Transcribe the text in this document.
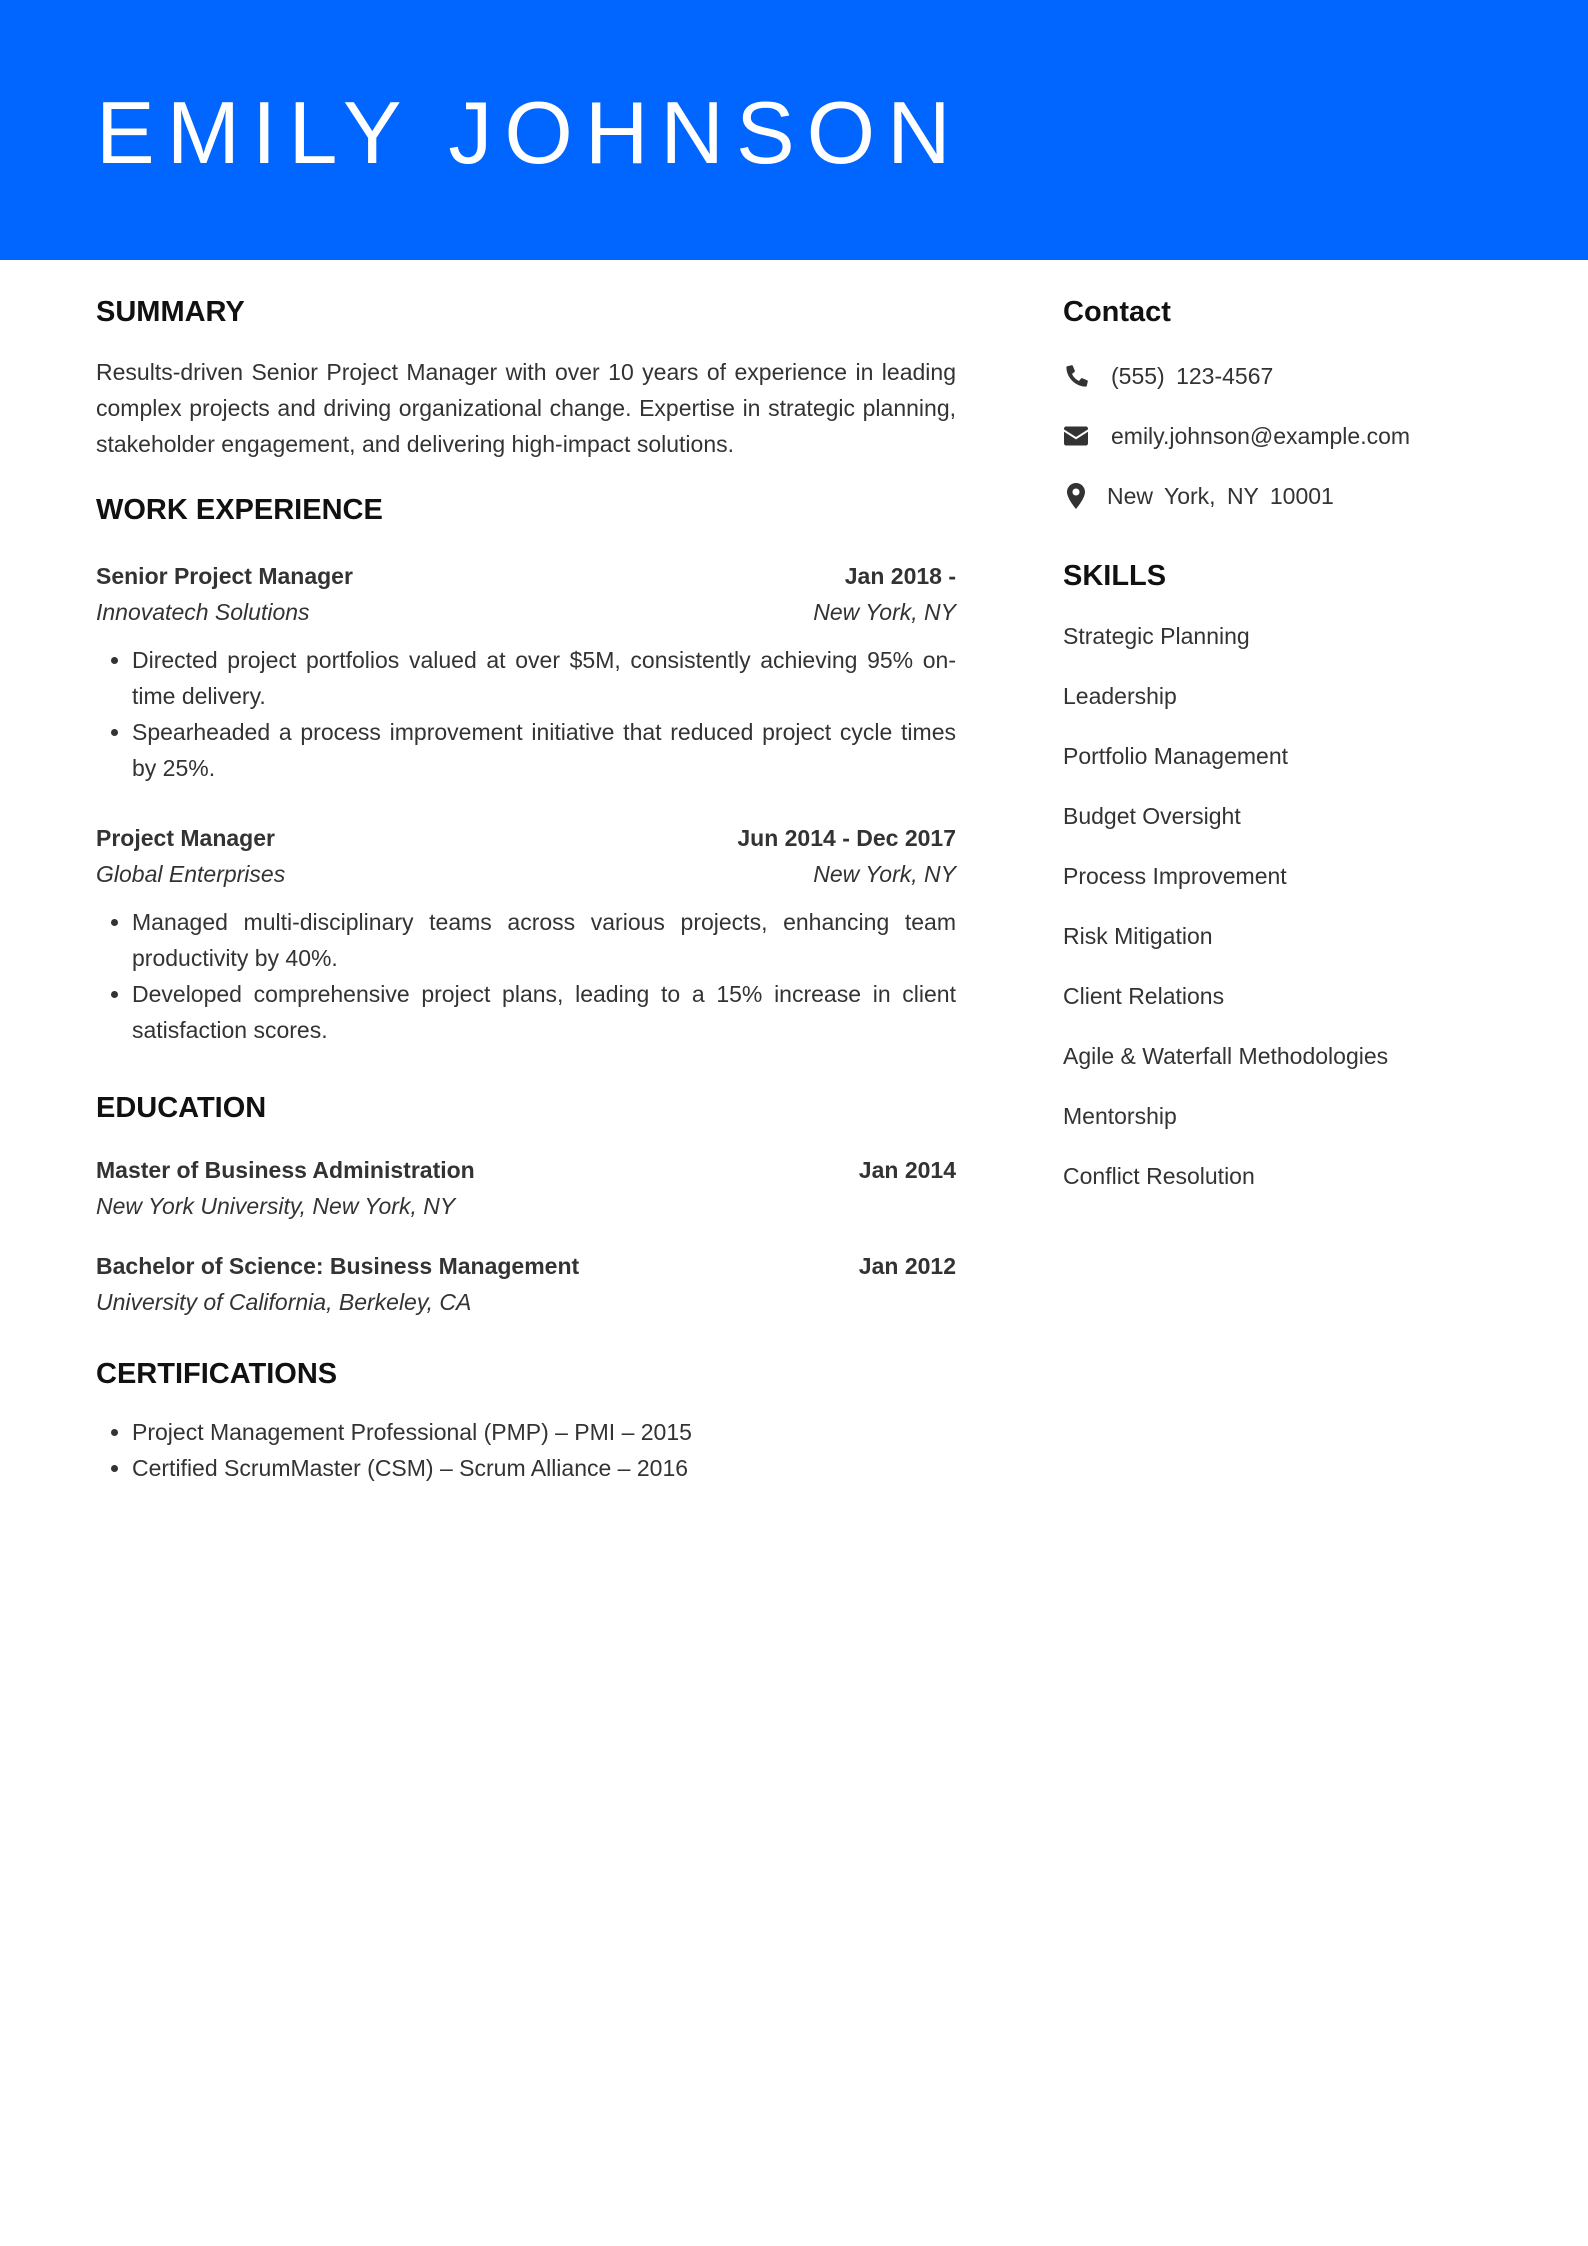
EMILY JOHNSON
SUMMARY

Results-driven Senior Project Manager with over 10 years of experience in leading complex projects and driving organizational change. Expertise in strategic planning, stakeholder engagement, and delivering high-impact solutions.

WORK EXPERIENCE
Senior Project Manager	Jan 2018 -
Innovatech Solutions	New York, NY
• Directed project portfolios valued at over $5M, consistently achieving 95% on-time delivery.
• Spearheaded a process improvement initiative that reduced project cycle times by 25%.
Project Manager	Jun 2014 - Dec 2017
Global Enterprises	New York, NY
• Managed multi-disciplinary teams across various projects, enhancing team productivity by 40%.
• Developed comprehensive project plans, leading to a 15% increase in client satisfaction scores.
EDUCATION
Master of Business Administration	Jan 2014
New York University, New York, NY
Bachelor of Science: Business Management	Jan 2012
University of California, Berkeley, CA
CERTIFICATIONS
• Project Management Professional (PMP) – PMI – 2015
• Certified ScrumMaster (CSM) – Scrum Alliance – 2016
Contact
(555) 123-4567
emily.johnson@example.com
New York, NY 10001
SKILLS
Strategic Planning
Leadership
Portfolio Management
Budget Oversight
Process Improvement
Risk Mitigation
Client Relations
Agile & Waterfall Methodologies
Mentorship
Conflict Resolution
